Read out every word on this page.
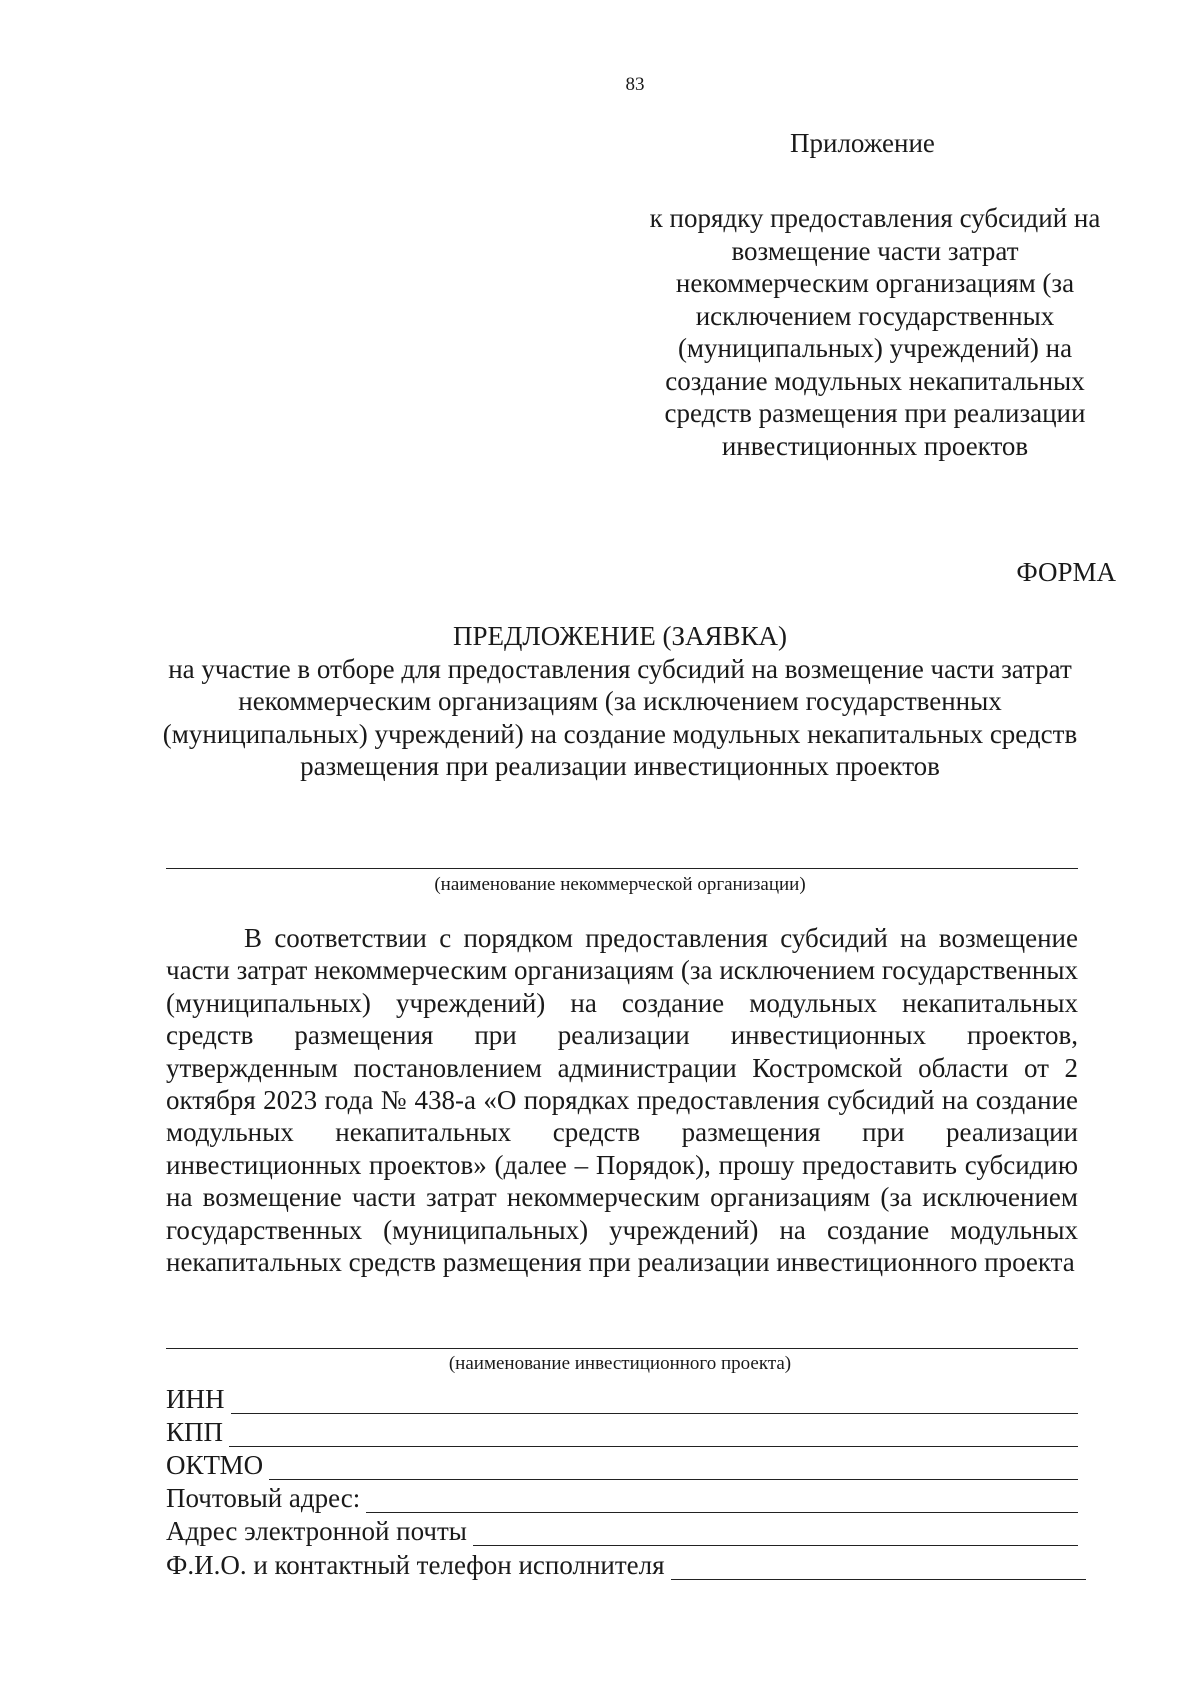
83
Приложение
к порядку предоставления субсидий на возмещение части затрат некоммерческим организациям (за исключением государственных (муниципальных) учреждений) на создание модульных некапитальных средств размещения при реализации инвестиционных проектов
ФОРМА
ПРЕДЛОЖЕНИЕ (ЗАЯВКА)
на участие в отборе для предоставления субсидий на возмещение части затрат некоммерческим организациям (за исключением государственных (муниципальных) учреждений) на создание модульных некапитальных средств размещения при реализации инвестиционных проектов
(наименование некоммерческой организации)
В соответствии с порядком предоставления субсидий на возмещение части затрат некоммерческим организациям (за исключением государственных (муниципальных) учреждений) на создание модульных некапитальных средств размещения при реализации инвестиционных проектов, утвержденным постановлением администрации Костромской области от 2 октября 2023 года № 438-а «О порядках предоставления субсидий на создание модульных некапитальных средств размещения при реализации инвестиционных проектов» (далее – Порядок), прошу предоставить субсидию на возмещение части затрат некоммерческим организациям (за исключением государственных (муниципальных) учреждений) на создание модульных некапитальных средств размещения при реализации инвестиционного проекта
(наименование инвестиционного проекта)
ИНН
КПП
ОКТМО
Почтовый адрес:
Адрес электронной почты
Ф.И.О. и контактный телефон исполнителя
